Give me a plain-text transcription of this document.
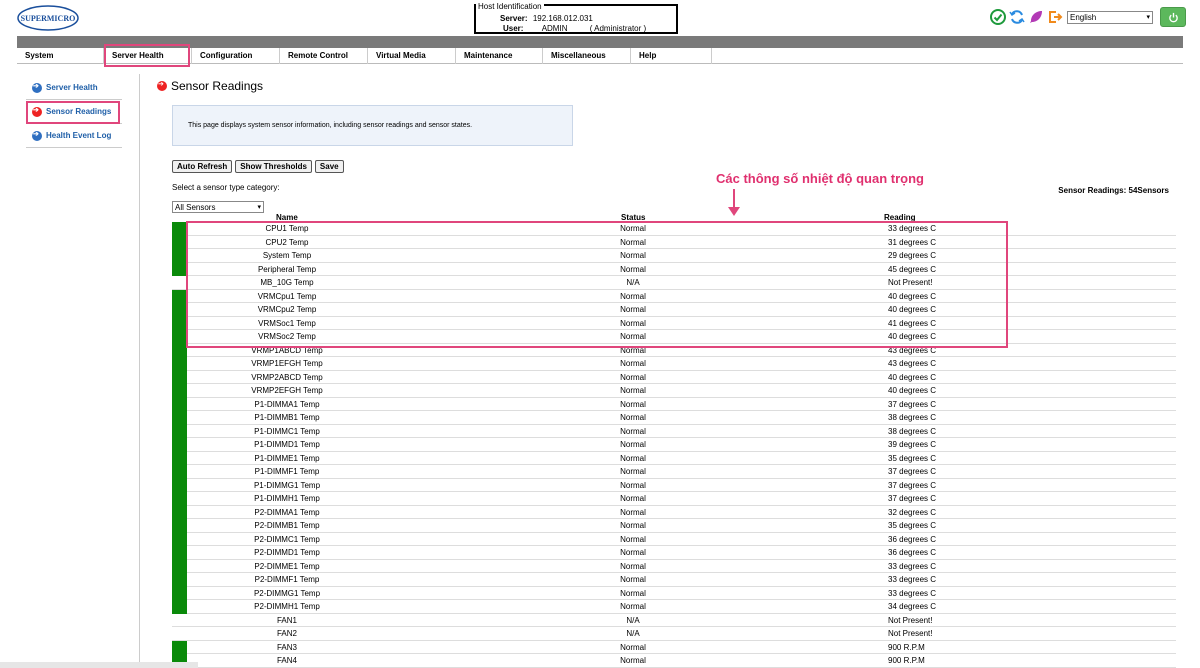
SUPERMICRO
Host Identification
Server: 192.168.012.031
User: ADMIN	( Administrator )
English	▾
System	Server Health	Configuration	Remote Control	Virtual Media	Maintenance	Miscellaneous	Help
➔
Server Health
➔
Sensor Readings
➔
Health Event Log
➔
Sensor Readings
This page displays system sensor information, including sensor readings and sensor states.
Auto Refresh	Show Thresholds	Save
Select a sensor type category:	Sensor Readings: 54Sensors
All Sensors	▾
Các thông số nhiệt độ quan trọng
Name	Status	Reading
CPU1 Temp	Normal	33 degrees C
CPU2 Temp	Normal	31 degrees C
System Temp	Normal	29 degrees C
Peripheral Temp	Normal	45 degrees C
MB_10G Temp	N/A	Not Present!
VRMCpu1 Temp	Normal	40 degrees C
VRMCpu2 Temp	Normal	40 degrees C
VRMSoc1 Temp	Normal	41 degrees C
VRMSoc2 Temp	Normal	40 degrees C
VRMP1ABCD Temp	Normal	43 degrees C
VRMP1EFGH Temp	Normal	43 degrees C
VRMP2ABCD Temp	Normal	40 degrees C
VRMP2EFGH Temp	Normal	40 degrees C
P1-DIMMA1 Temp	Normal	37 degrees C
P1-DIMMB1 Temp	Normal	38 degrees C
P1-DIMMC1 Temp	Normal	38 degrees C
P1-DIMMD1 Temp	Normal	39 degrees C
P1-DIMME1 Temp	Normal	35 degrees C
P1-DIMMF1 Temp	Normal	37 degrees C
P1-DIMMG1 Temp	Normal	37 degrees C
P1-DIMMH1 Temp	Normal	37 degrees C
P2-DIMMA1 Temp	Normal	32 degrees C
P2-DIMMB1 Temp	Normal	35 degrees C
P2-DIMMC1 Temp	Normal	36 degrees C
P2-DIMMD1 Temp	Normal	36 degrees C
P2-DIMME1 Temp	Normal	33 degrees C
P2-DIMMF1 Temp	Normal	33 degrees C
P2-DIMMG1 Temp	Normal	33 degrees C
P2-DIMMH1 Temp	Normal	34 degrees C
FAN1	N/A	Not Present!
FAN2	N/A	Not Present!
FAN3	Normal	900 R.P.M
FAN4	Normal	900 R.P.M
